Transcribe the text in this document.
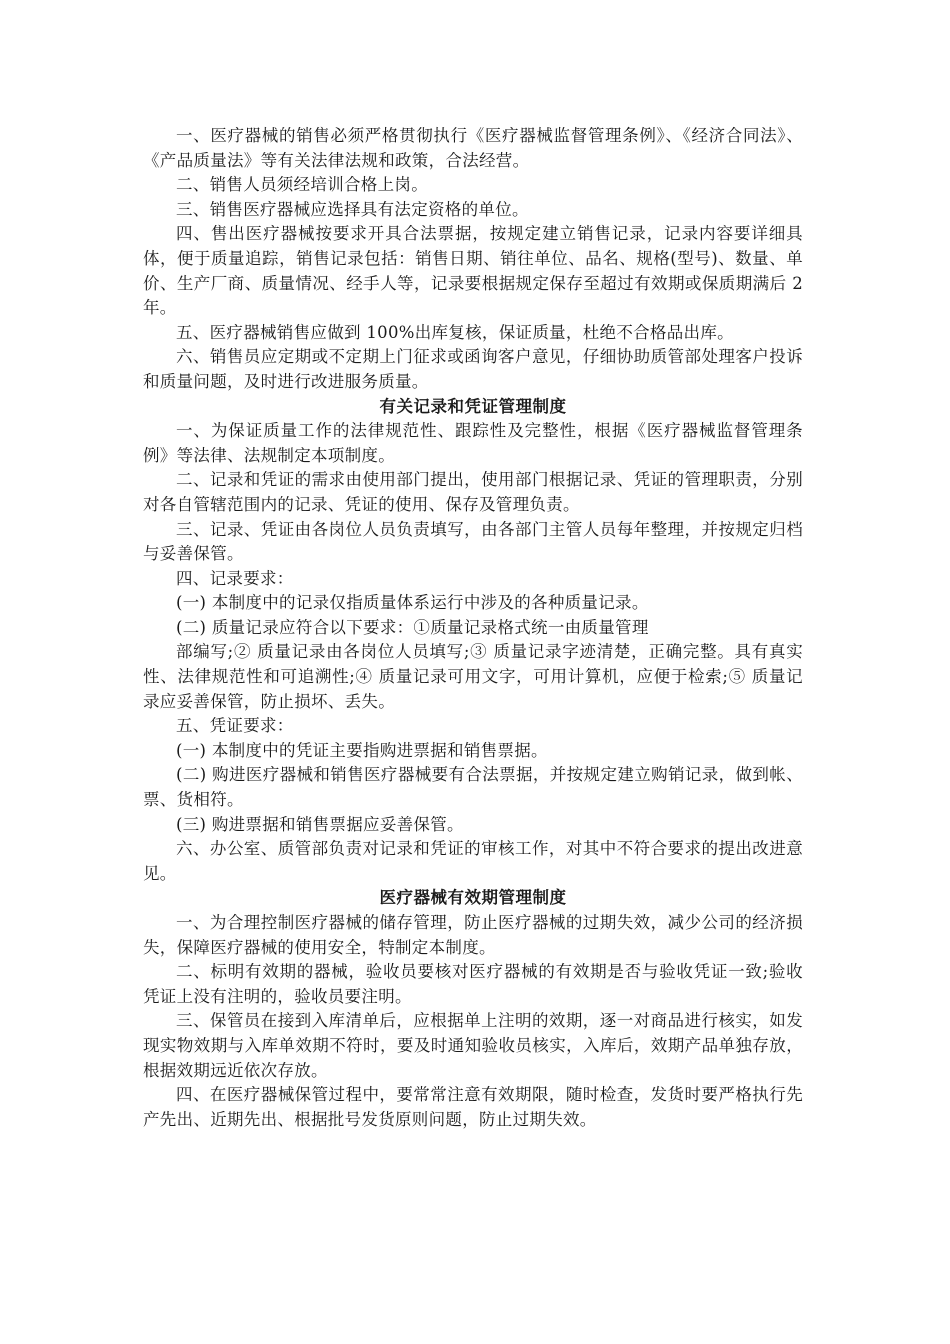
一、医疗器械的销售必须严格贯彻执行《医疗器械监督管理条例》、《经济合同法》、《产品质量法》等有关法律法规和政策，合法经营。

二、销售人员须经培训合格上岗。

三、销售医疗器械应选择具有法定资格的单位。

四、售出医疗器械按要求开具合法票据，按规定建立销售记录，记录内容要详细具体，便于质量追踪，销售记录包括：销售日期、销往单位、品名、规格(型号)、数量、单价、生产厂商、质量情况、经手人等，记录要根据规定保存至超过有效期或保质期满后 2 年。

五、医疗器械销售应做到 100%出库复核，保证质量，杜绝不合格品出库。

六、销售员应定期或不定期上门征求或函询客户意见，仔细协助质管部处理客户投诉和质量问题，及时进行改进服务质量。

有关记录和凭证管理制度

一、为保证质量工作的法律规范性、跟踪性及完整性，根据《医疗器械监督管理条例》等法律、法规制定本项制度。

二、记录和凭证的需求由使用部门提出，使用部门根据记录、凭证的管理职责，分别对各自管辖范围内的记录、凭证的使用、保存及管理负责。

三、记录、凭证由各岗位人员负责填写，由各部门主管人员每年整理，并按规定归档与妥善保管。

四、记录要求：

(一) 本制度中的记录仅指质量体系运行中涉及的各种质量记录。

(二) 质量记录应符合以下要求：①质量记录格式统一由质量管理

部编写;② 质量记录由各岗位人员填写;③ 质量记录字迹清楚，正确完整。具有真实性、法律规范性和可追溯性;④ 质量记录可用文字，可用计算机，应便于检索;⑤ 质量记录应妥善保管，防止损坏、丢失。

五、凭证要求：

(一) 本制度中的凭证主要指购进票据和销售票据。

(二) 购进医疗器械和销售医疗器械要有合法票据，并按规定建立购销记录，做到帐、票、货相符。

(三) 购进票据和销售票据应妥善保管。

六、办公室、质管部负责对记录和凭证的审核工作，对其中不符合要求的提出改进意见。

医疗器械有效期管理制度

一、为合理控制医疗器械的储存管理，防止医疗器械的过期失效，减少公司的经济损失，保障医疗器械的使用安全，特制定本制度。

二、标明有效期的器械，验收员要核对医疗器械的有效期是否与验收凭证一致;验收凭证上没有注明的，验收员要注明。

三、保管员在接到入库清单后，应根据单上注明的效期，逐一对商品进行核实，如发现实物效期与入库单效期不符时，要及时通知验收员核实，入库后，效期产品单独存放，根据效期远近依次存放。

四、在医疗器械保管过程中，要常常注意有效期限，随时检查，发货时要严格执行先产先出、近期先出、根据批号发货原则问题，防止过期失效。
